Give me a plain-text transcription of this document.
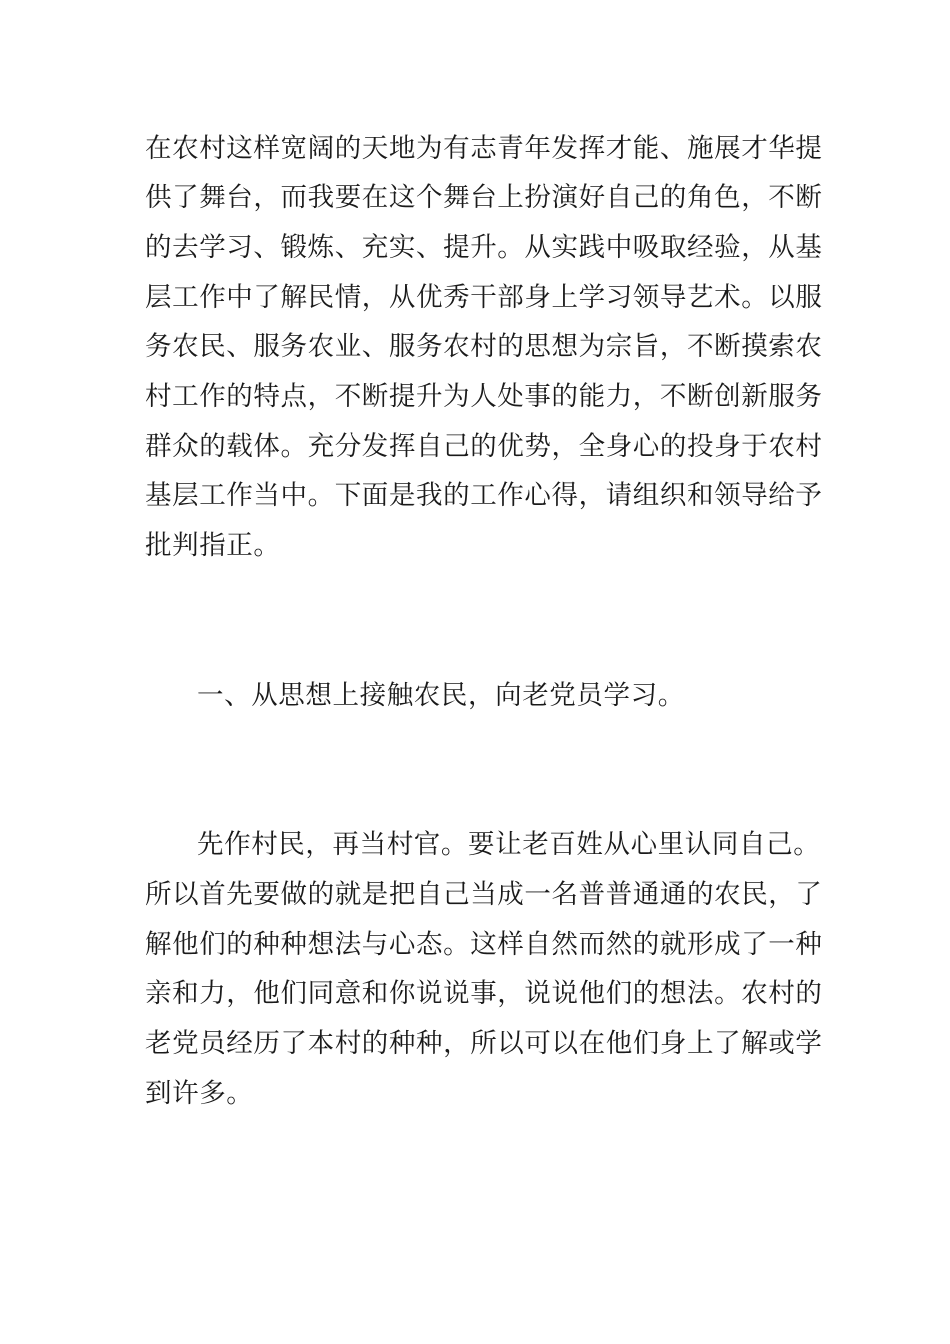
在农村这样宽阔的天地为有志青年发挥才能、施展才华提
供了舞台，而我要在这个舞台上扮演好自己的角色，不断
的去学习、锻炼、充实、提升。从实践中吸取经验，从基
层工作中了解民情，从优秀干部身上学习领导艺术。以服
务农民、服务农业、服务农村的思想为宗旨，不断摸索农
村工作的特点，不断提升为人处事的能力，不断创新服务
群众的载体。充分发挥自己的优势，全身心的投身于农村
基层工作当中。下面是我的工作心得，请组织和领导给予
批判指正。
一、从思想上接触农民，向老党员学习。
先作村民，再当村官。要让老百姓从心里认同自己。
所以首先要做的就是把自己当成一名普普通通的农民，了
解他们的种种想法与心态。这样自然而然的就形成了一种
亲和力，他们同意和你说说事，说说他们的想法。农村的
老党员经历了本村的种种，所以可以在他们身上了解或学
到许多。
